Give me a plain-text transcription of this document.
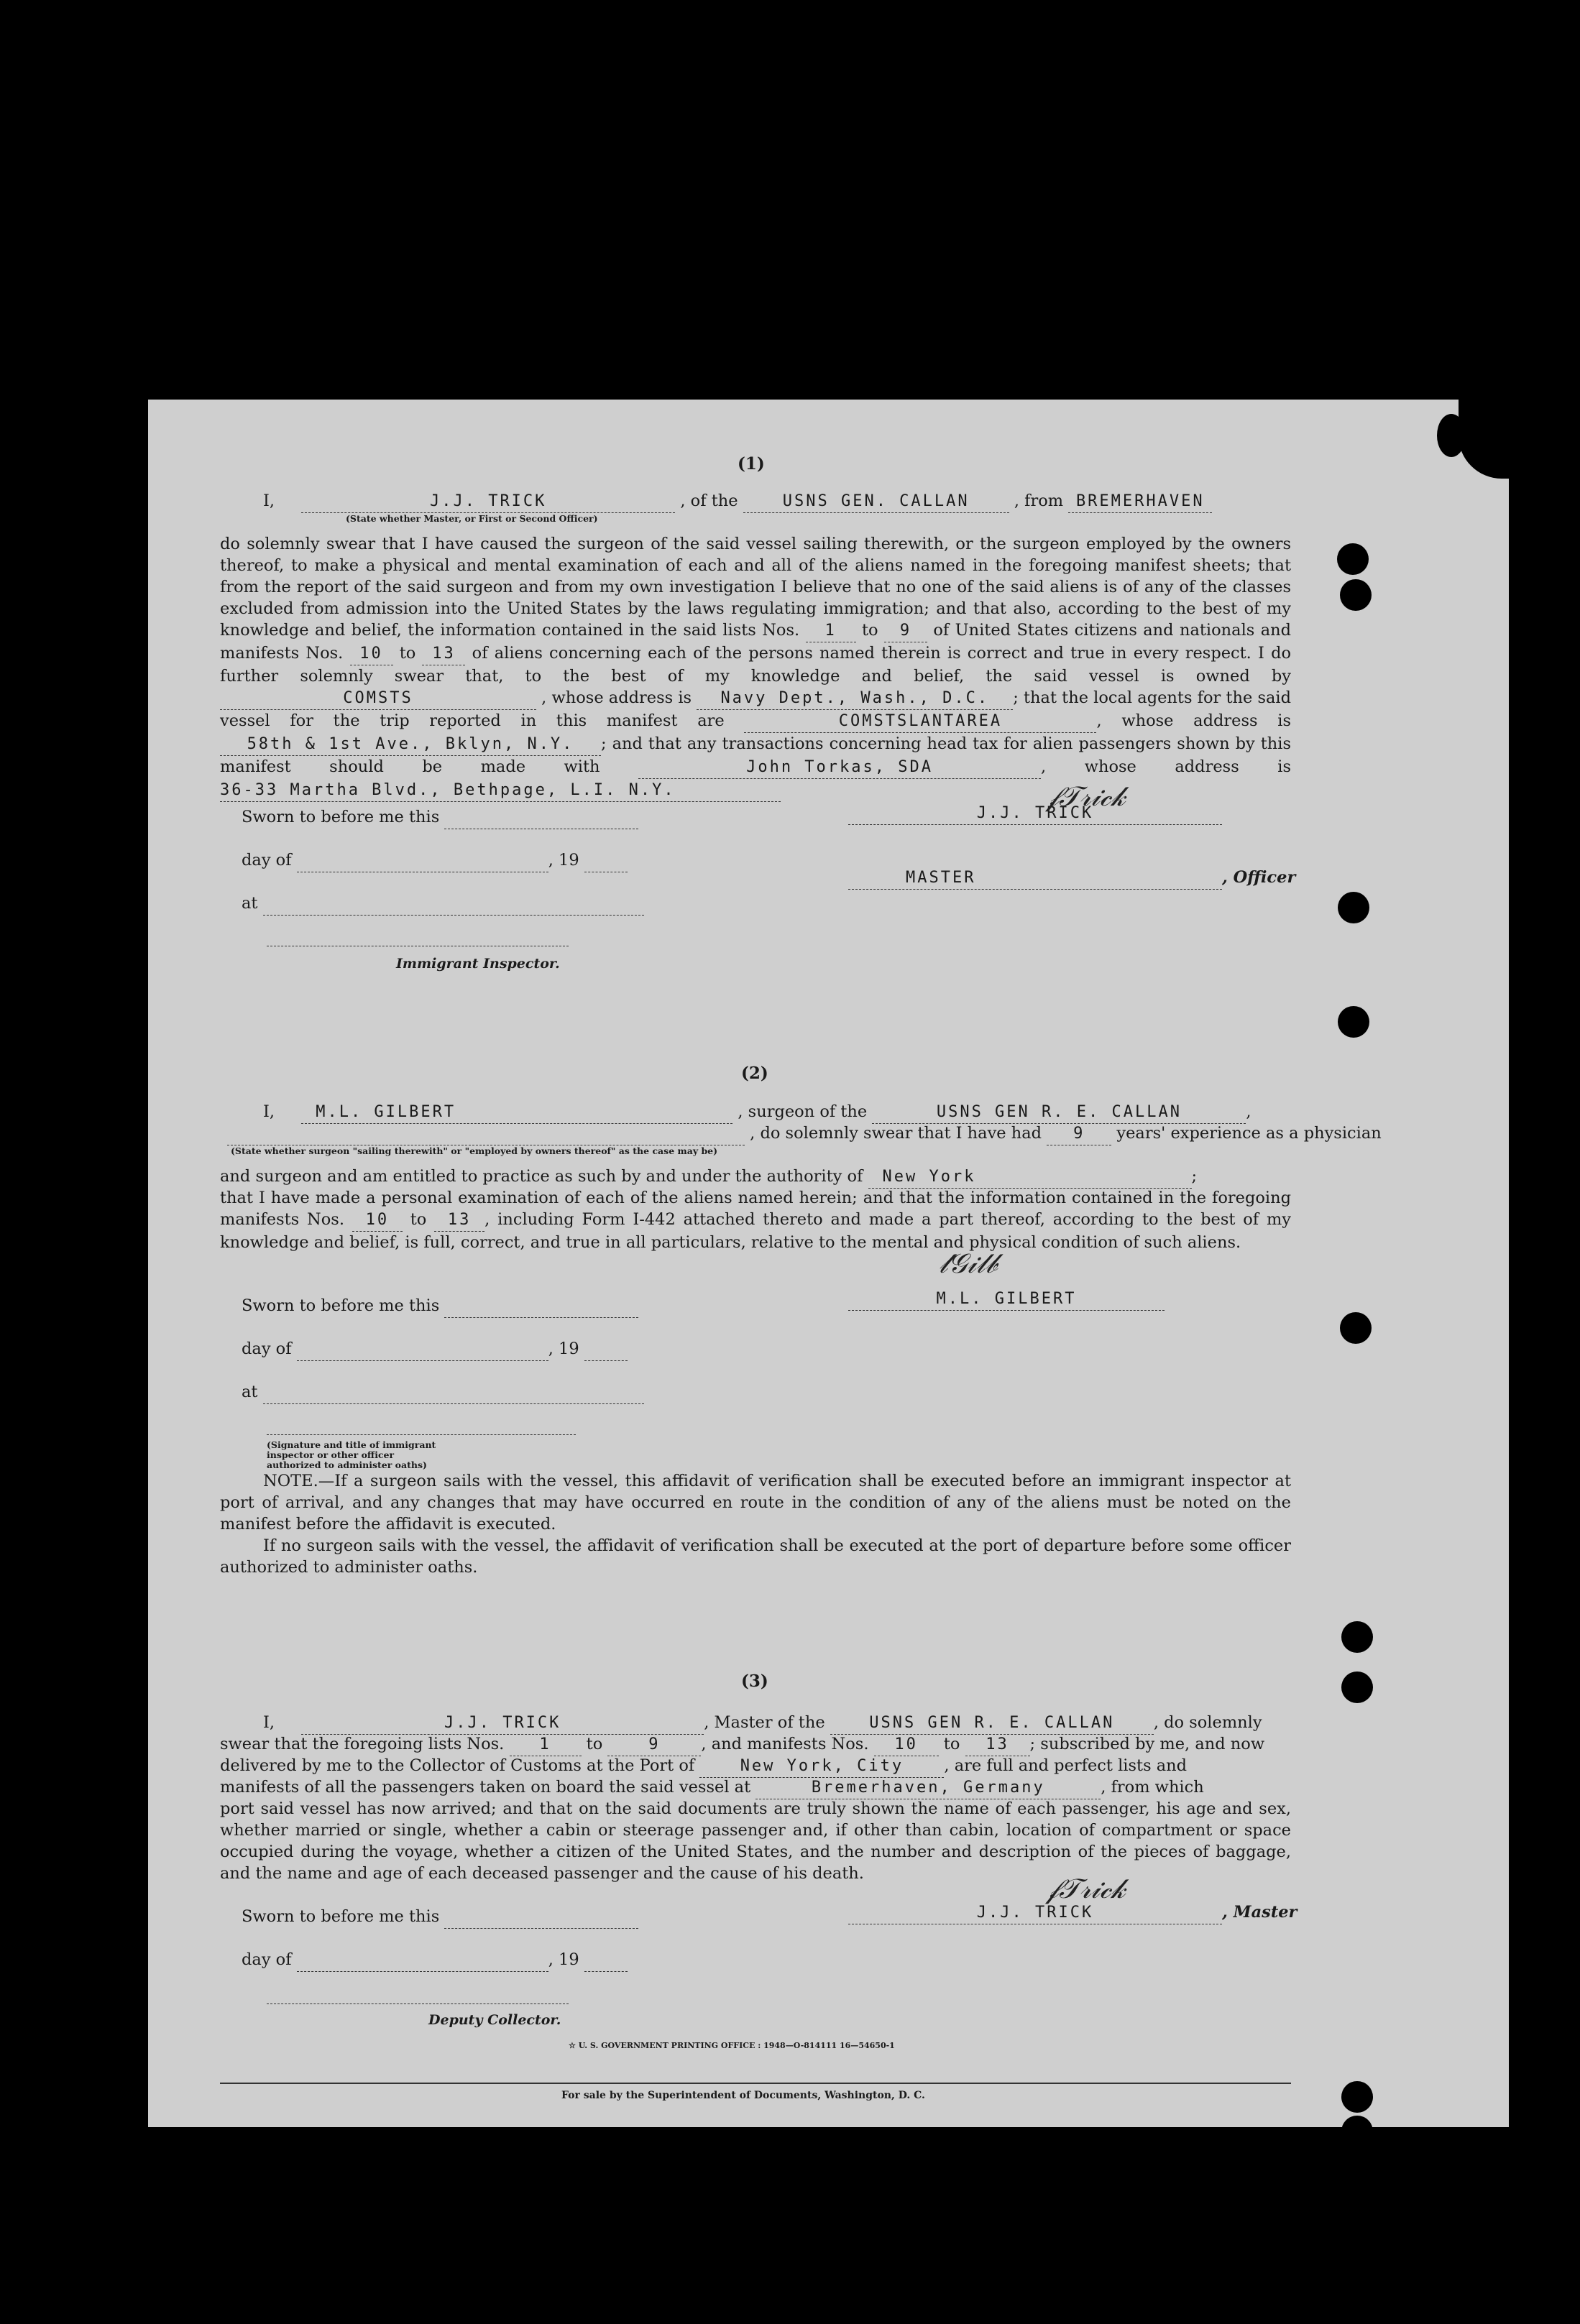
(1)
I,	J.J. TRICK	, of the	USNS GEN. CALLAN	, from BREMERHAVEN
(State whether Master, or First or Second Officer)
do solemnly swear that I have caused the surgeon of the said vessel sailing therewith, or the surgeon employed by the owners thereof, to make a physical and mental examination of each and all of the aliens named in the foregoing manifest sheets; that from the report of the said surgeon and from my own investigation I believe that no one of the said aliens is of any of the classes excluded from admission into the United States by the laws regulating immigration; and that also, according to the best of my knowledge and belief, the information contained in the said lists Nos. 1 to 9 of United States citizens and nationals and manifests Nos. 10 to 13 of aliens concerning each of the persons named therein is correct and true in every respect. I do further solemnly swear that, to the best of my knowledge and belief, the said vessel is owned by COMSTS	, whose address is Navy Dept., Wash., D.C. ; that the local agents for the said vessel for the trip reported in this manifest are	COMSTSLANTAREA	, whose address is 58th & 1st Ave., Bklyn, N.Y. ; and that any transactions concerning head tax for alien passengers shown by this manifest should be made with	John Torkas, SDA	, whose address is 36-33 Martha Blvd., Bethpage, L.I. N.Y.
Sworn to before me this
day of	, 19
at
Immigrant Inspector.
J.J. TRICK
𝒻𝒯𝓇𝒾𝒸𝓀
MASTER	, Officer
(2)
I,	M.L. GILBERT	, surgeon of the	USNS GEN R. E. CALLAN	,
, do solemnly swear that I have had 9 years' experience as a physician
(State whether surgeon "sailing therewith" or "employed by owners thereof" as the case may be)
and surgeon and am entitled to practice as such by and under the authority of New York	;
that I have made a personal examination of each of the aliens named herein; and that the information contained in the foregoing manifests Nos. 10 to 13 , including Form I-442 attached thereto and made a part thereof, according to the best of my knowledge and belief, is full, correct, and true in all particulars, relative to the mental and physical condition of such aliens.
Sworn to before me this
day of	, 19
at
(Signature and title of immigrant inspector or other officer authorized to administer oaths)
𝓁𝒢𝒾𝓁𝒷
M.L. GILBERT
NOTE.—If a surgeon sails with the vessel, this affidavit of verification shall be executed before an immigrant inspector at port of arrival, and any changes that may have occurred en route in the condition of any of the aliens must be noted on the manifest before the affidavit is executed.
If no surgeon sails with the vessel, the affidavit of verification shall be executed at the port of departure before some officer authorized to administer oaths.
(3)
I,	J.J. TRICK	, Master of the	USNS GEN R. E. CALLAN , do solemnly
swear that the foregoing lists Nos. 1 to	9	, and manifests Nos. 10 to 13 ; subscribed by me, and now
delivered by me to the Collector of Customs at the Port of	New York, City	, are full and perfect lists and
manifests of all the passengers taken on board the said vessel at	Bremerhaven, Germany	, from which
port said vessel has now arrived; and that on the said documents are truly shown the name of each passenger, his age and sex, whether married or single, whether a cabin or steerage passenger and, if other than cabin, location of compartment or space occupied during the voyage, whether a citizen of the United States, and the number and description of the pieces of baggage, and the name and age of each deceased passenger and the cause of his death.
Sworn to before me this
day of	, 19
Deputy Collector.
𝒻𝒯𝓇𝒾𝒸𝓀
J.J. TRICK	, Master
☆ U. S. GOVERNMENT PRINTING OFFICE : 1948—O-814111 16—54650-1
For sale by the Superintendent of Documents, Washington, D. C.
